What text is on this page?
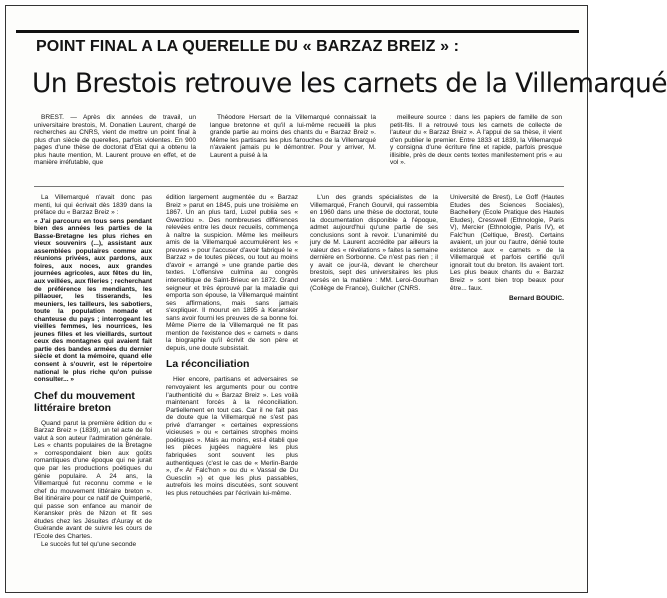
POINT FINAL A LA QUERELLE DU « BARZAZ BREIZ » :
Un Brestois retrouve les carnets de la Villemarqué

BREST. — Après dix années de travail, un universitaire brestois, M. Donatien Laurent, chargé de recherches au CNRS, vient de mettre un point final à plus d'un siècle de querelles, parfois violentes. En 900 pages d'une thèse de doctorat d'Etat qui a obtenu la plus haute mention, M. Laurent prouve en effet, et de manière irréfutable, que

Théodore Hersart de la Villemarqué connaissait la langue bretonne et qu'il a lui-même recueilli la plus grande partie au moins des chants du « Barzaz Breiz ». Même les partisans les plus farouches de la Villemarqué n'avaient jamais pu le démontrer. Pour y arriver, M. Laurent a puisé à la

meilleure source : dans les papiers de famille de son petit-fils. Il a retrouvé tous les carnets de collecte de l'auteur du « Barzaz Breiz ». A l'appui de sa thèse, il vient d'en publier le premier. Entre 1833 et 1839, la Villemarqué y consigna d'une écriture fine et rapide, parfois presque illisible, près de deux cents textes manifestement pris « au vol ».

La Villemarqué n'avait donc pas menti, lui qui écrivait dès 1839 dans la préface du « Barzaz Breiz » :

« J'ai parcouru en tous sens pendant bien des années les parties de la Basse-Bretagne les plus riches en vieux souvenirs (...), assistant aux assemblées populaires comme aux réunions privées, aux pardons, aux foires, aux noces, aux grandes journées agricoles, aux fêtes du lin, aux veillées, aux fileries ; recherchant de préférence les mendiants, les pillaouer, les tisserands, les meuniers, les tailleurs, les sabotiers, toute la population nomade et chanteuse du pays ; interrogeant les vieilles femmes, les nourrices, les jeunes filles et les vieillards, surtout ceux des montagnes qui avaient fait partie des bandes armées du dernier siècle et dont la mémoire, quand elle consent à s'ouvrir, est le répertoire national le plus riche qu'on puisse consulter... »

Chef du mouvement littéraire breton

Quand parut la première édition du « Barzaz Breiz » (1839), un tel acte de foi valut à son auteur l'admiration générale. Les « chants populaires de la Bretagne » correspondaient bien aux goûts romantiques d'une époque qui ne jurait que par les productions poétiques du génie populaire. A 24 ans, la Villemarqué fut reconnu comme « le chef du mouvement littéraire breton ». Bel itinéraire pour ce natif de Quimperlé, qui passe son enfance au manoir de Keransker près de Nizon et fit ses études chez les Jésuites d'Auray et de Guérande avant de suivre les cours de l'Ecole des Chartes.

Le succès fut tel qu'une seconde

édition largement augmentée du « Barzaz Breiz » parut en 1845, puis une troisième en 1867. Un an plus tard, Luzel publia ses « Gwerziou ». Des nombreuses différences relevées entre les deux recueils, commença à naître la suspicion. Même les meilleurs amis de la Villemarqué accumulèrent les « preuves » pour l'accuser d'avoir fabriqué le « Barzaz » de toutes pièces, ou tout au moins d'avoir « arrangé » une grande partie des textes. L'offensive culmina au congrès interceltique de Saint-Brieuc en 1872. Grand seigneur et très éprouvé par la maladie qui emporta son épouse, la Villemarqué maintint ses affirmations, mais sans jamais s'expliquer. Il mourut en 1895 à Keransker sans avoir fourni les preuves de sa bonne foi. Même Pierre de la Villemarqué ne fit pas mention de l'existence des « carnets » dans la biographie qu'il écrivit de son père et depuis, une doute subsistait.

La réconciliation

Hier encore, partisans et adversaires se renvoyaient les arguments pour ou contre l'authenticité du « Barzaz Breiz ». Les voilà maintenant forcés à la réconciliation. Partiellement en tout cas. Car il ne fait pas de doute que la Villemarqué ne s'est pas privé d'arranger « certaines expressions vicieuses » ou « certaines strophes moins poétiques ». Mais au moins, est-il établi que les pièces jugées naguère les plus fabriquées sont souvent les plus authentiques (c'est le cas de « Merlin-Barde », d'« Ar Falc'hon » ou du « Vassal de Du Guesclin ») et que les plus passables, autrefois les moins discutées, sont souvent les plus retouchées par l'écrivain lui-même.

L'un des grands spécialistes de la Villemarqué, Franch Gourvil, qui rassembla en 1960 dans une thèse de doctorat, toute la documentation disponible à l'époque, admet aujourd'hui qu'une partie de ses conclusions sont à revoir. L'unanimité du jury de M. Laurent accrédite par ailleurs la valeur des « révélations » faites la semaine dernière en Sorbonne. Ce n'est pas rien ; il y avait ce jour-là, devant le chercheur brestois, sept des universitaires les plus versés en la matière : MM. Leroi-Gourhan (Collège de France), Guilcher (CNRS.

Université de Brest), Le Goff (Hautes Etudes des Sciences Sociales), Bachellery (Ecole Pratique des Hautes Etudes), Cresswell (Ethnologie, Paris V), Mercier (Ethnologie, Paris IV), et Falc'hun (Celtique, Brest). Certains avaient, un jour ou l'autre, dénié toute existence aux « carnets » de la Villemarqué et parfois certifié qu'il ignorait tout du breton. Ils avaient tort. Les plus beaux chants du « Barzaz Breiz » sont bien trop beaux pour être... faux.

Bernard BOUDIC.
